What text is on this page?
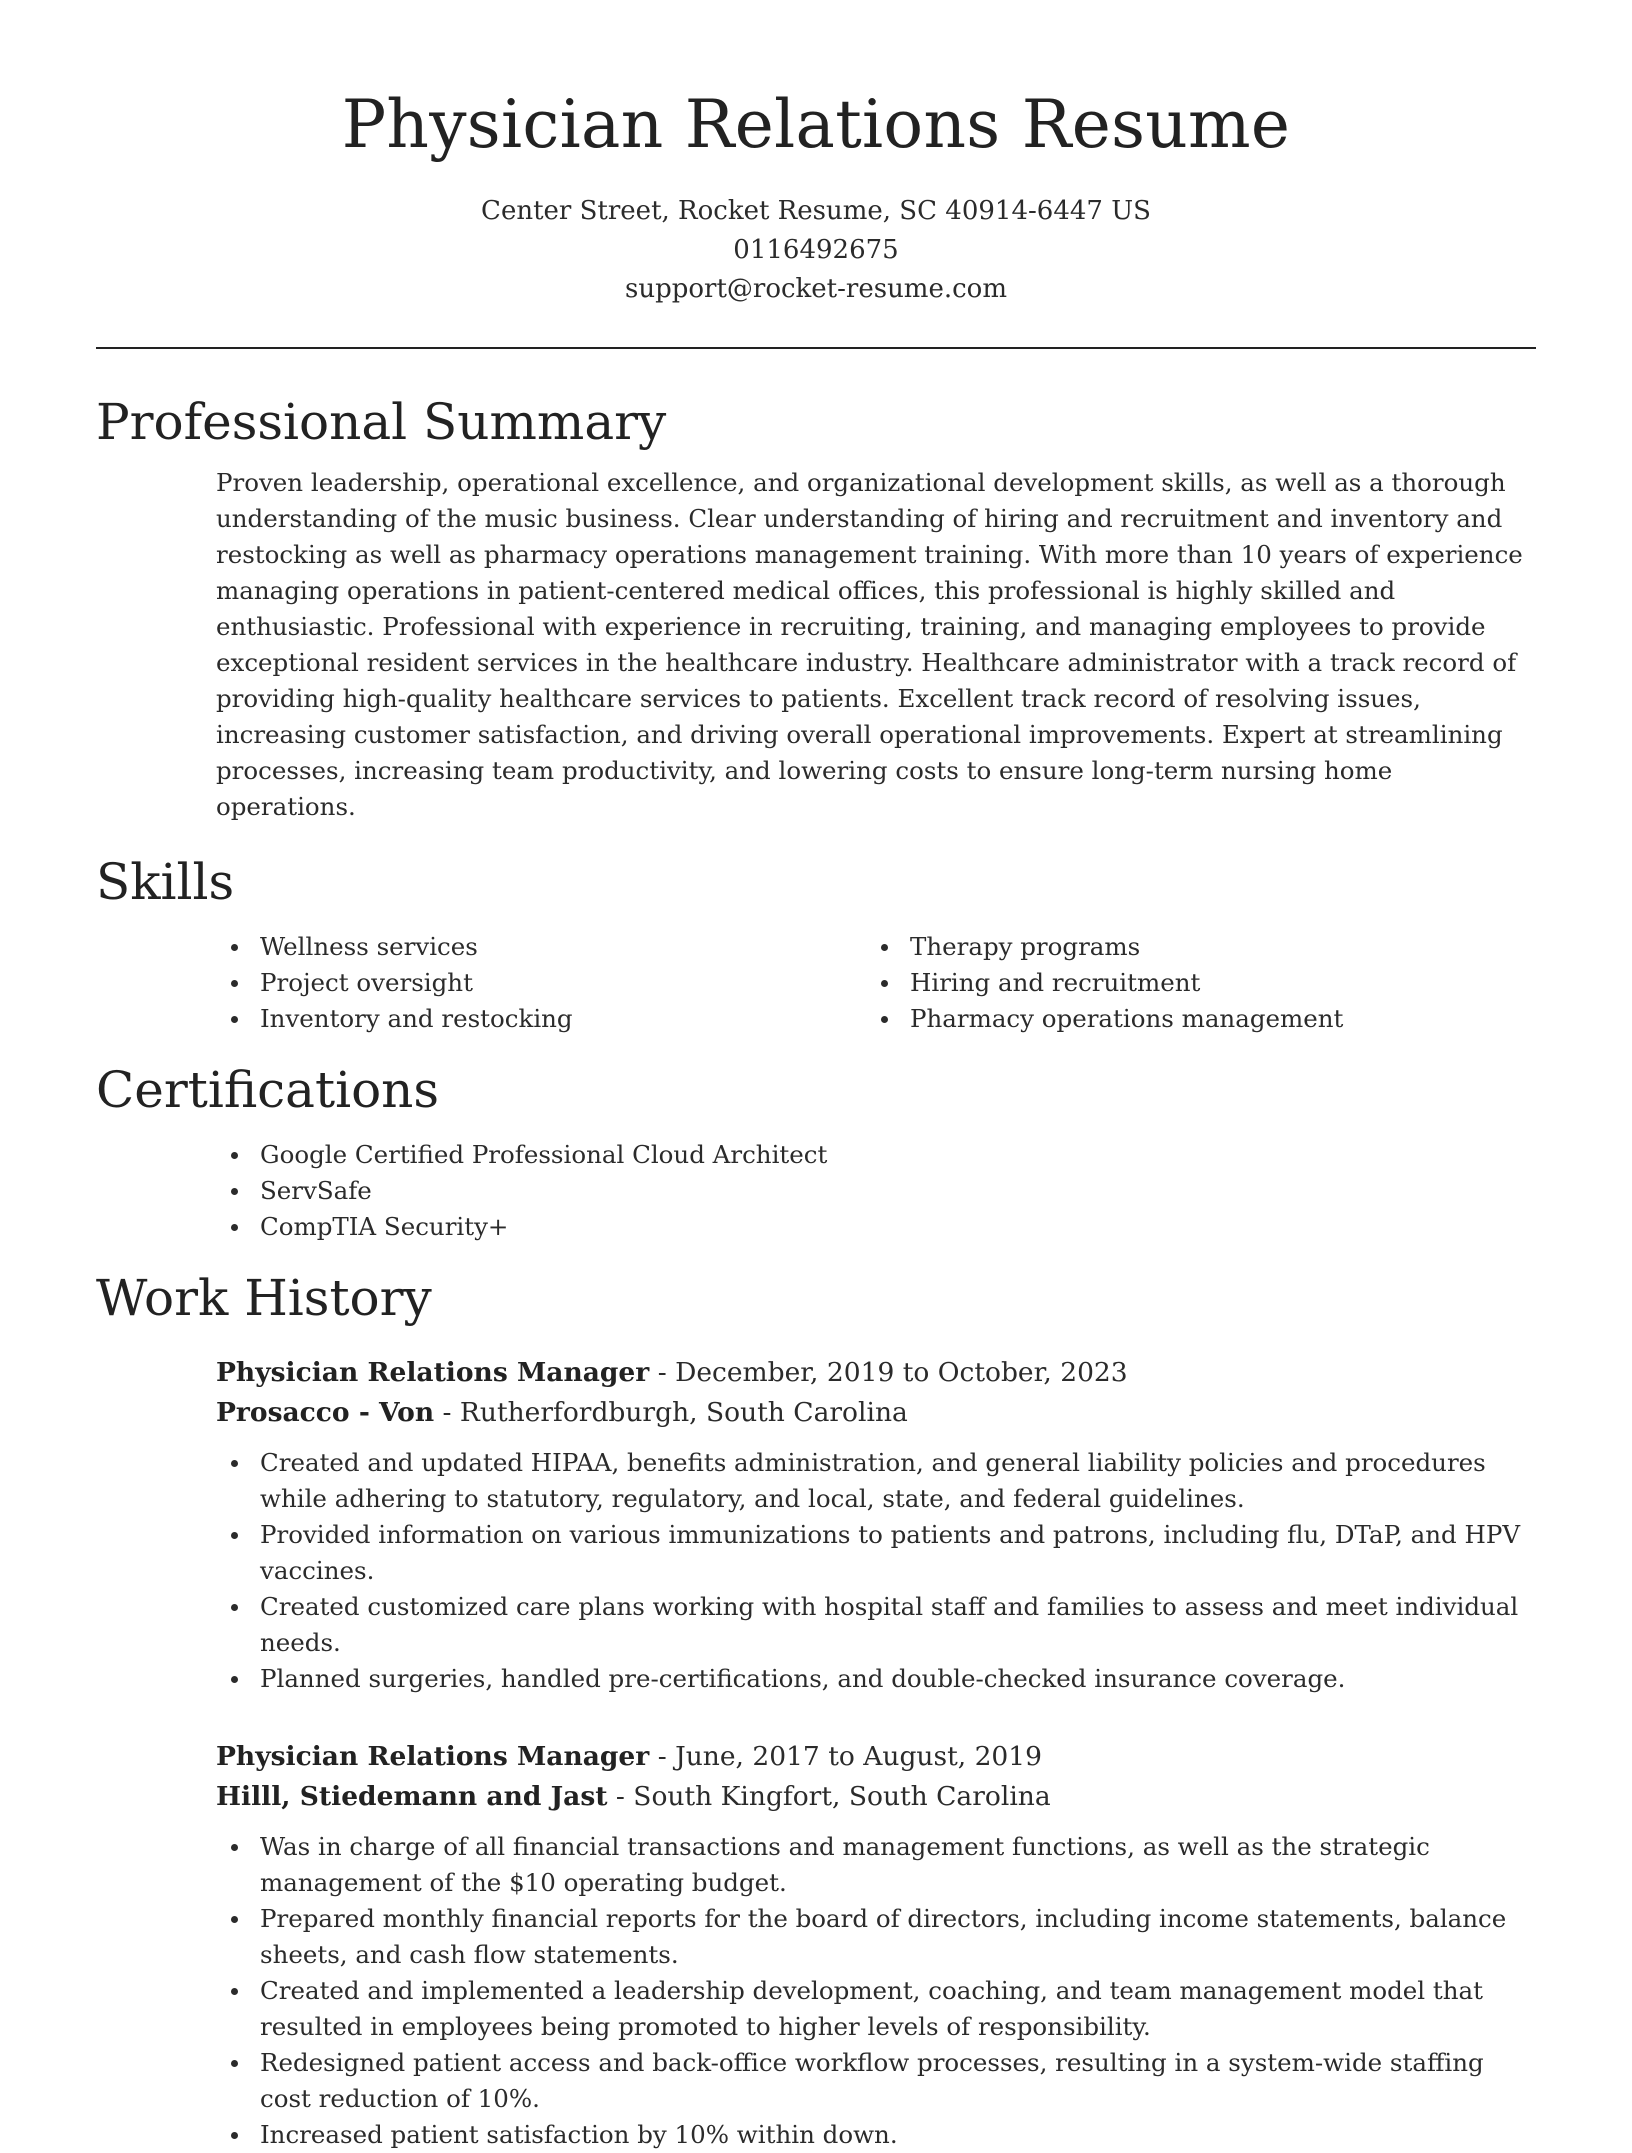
Physician Relations Resume
Center Street, Rocket Resume, SC 40914-6447 US
0116492675
support@rocket-resume.com
Professional Summary

Proven leadership, operational excellence, and organizational development skills, as well as a thorough understanding of the music business. Clear understanding of hiring and recruitment and inventory and restocking as well as pharmacy operations management training. With more than 10 years of experience managing operations in patient-centered medical offices, this professional is highly skilled and enthusiastic. Professional with experience in recruiting, training, and managing employees to provide exceptional resident services in the healthcare industry. Healthcare administrator with a track record of providing high-quality healthcare services to patients. Excellent track record of resolving issues, increasing customer satisfaction, and driving overall operational improvements. Expert at streamlining processes, increasing team productivity, and lowering costs to ensure long-term nursing home operations.

Skills
Wellness services
Project oversight
Inventory and restocking
Therapy programs
Hiring and recruitment
Pharmacy operations management
Certifications
Google Certified Professional Cloud Architect
ServSafe
CompTIA Security+
Work History
Physician Relations Manager - December, 2019 to October, 2023
Prosacco - Von - Rutherfordburgh, South Carolina
Created and updated HIPAA, benefits administration, and general liability policies and procedures while adhering to statutory, regulatory, and local, state, and federal guidelines.
Provided information on various immunizations to patients and patrons, including flu, DTaP, and HPV vaccines.
Created customized care plans working with hospital staff and families to assess and meet individual needs.
Planned surgeries, handled pre-certifications, and double-checked insurance coverage.
Physician Relations Manager - June, 2017 to August, 2019
Hilll, Stiedemann and Jast - South Kingfort, South Carolina
Was in charge of all financial transactions and management functions, as well as the strategic management of the $10 operating budget.
Prepared monthly financial reports for the board of directors, including income statements, balance sheets, and cash flow statements.
Created and implemented a leadership development, coaching, and team management model that resulted in employees being promoted to higher levels of responsibility.
Redesigned patient access and back-office workflow processes, resulting in a system-wide staffing cost reduction of 10%.
Increased patient satisfaction by 10% within down.
